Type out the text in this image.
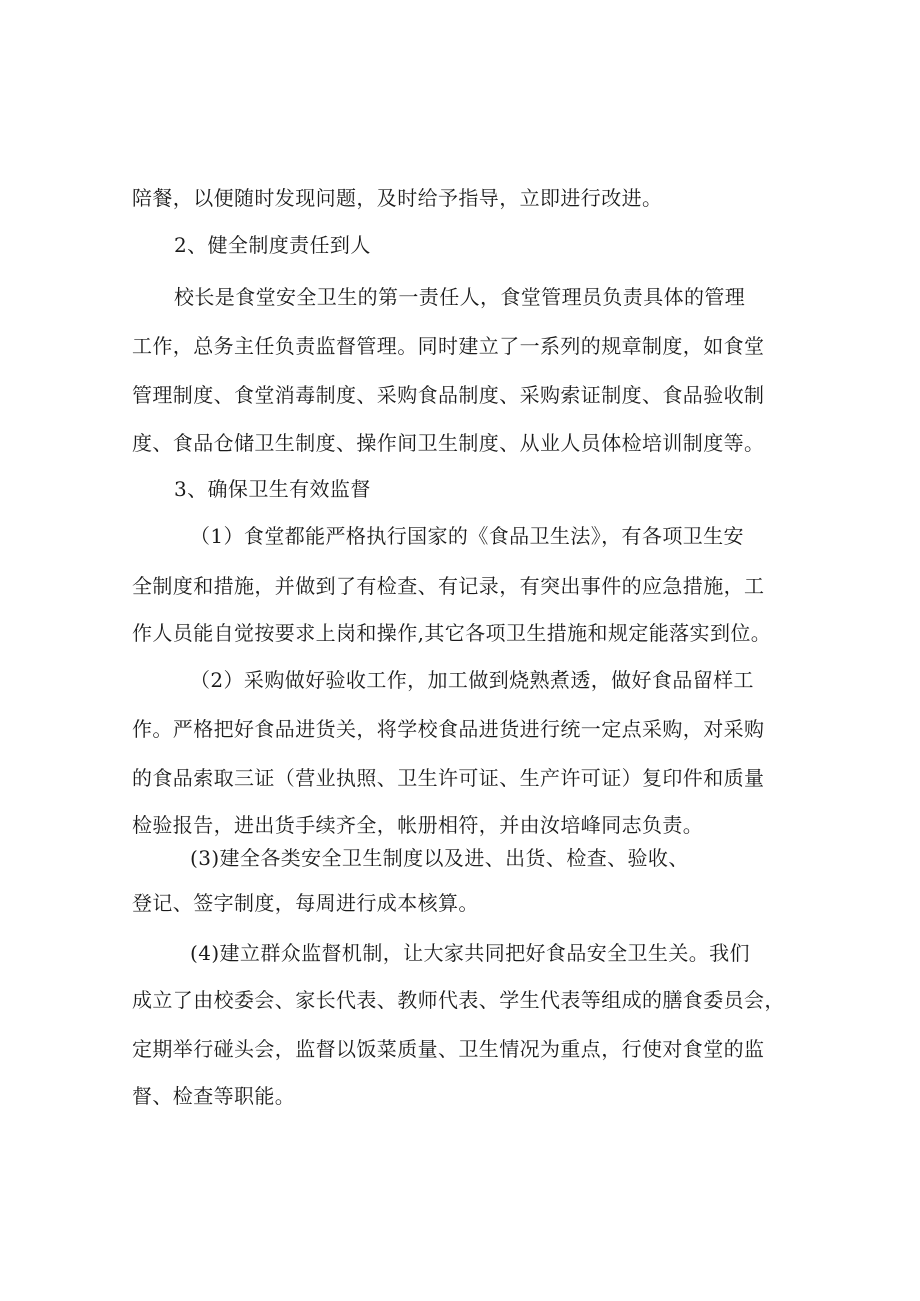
陪餐，以便随时发现问题，及时给予指导，立即进行改进。
2、健全制度责任到人
校长是食堂安全卫生的第一责任人，食堂管理员负责具体的管理
工作，总务主任负责监督管理。同时建立了一系列的规章制度，如食堂
管理制度、食堂消毒制度、采购食品制度、采购索证制度、食品验收制
度、食品仓储卫生制度、操作间卫生制度、从业人员体检培训制度等。
3、确保卫生有效监督
（1）食堂都能严格执行国家的《食品卫生法》，有各项卫生安
全制度和措施，并做到了有检查、有记录，有突出事件的应急措施，工
作人员能自觉按要求上岗和操作,其它各项卫生措施和规定能落实到位。
（2）采购做好验收工作，加工做到烧熟煮透，做好食品留样工
作。严格把好食品进货关，将学校食品进货进行统一定点采购，对采购
的食品索取三证（营业执照、卫生许可证、生产许可证）复印件和质量
检验报告，进出货手续齐全，帐册相符，并由汝培峰同志负责。
(3)建全各类安全卫生制度以及进、出货、检查、验收、
登记、签字制度，每周进行成本核算。
(4)建立群众监督机制，让大家共同把好食品安全卫生关。我们
成立了由校委会、家长代表、教师代表、学生代表等组成的膳食委员会，
定期举行碰头会，监督以饭菜质量、卫生情况为重点，行使对食堂的监
督、检查等职能。
